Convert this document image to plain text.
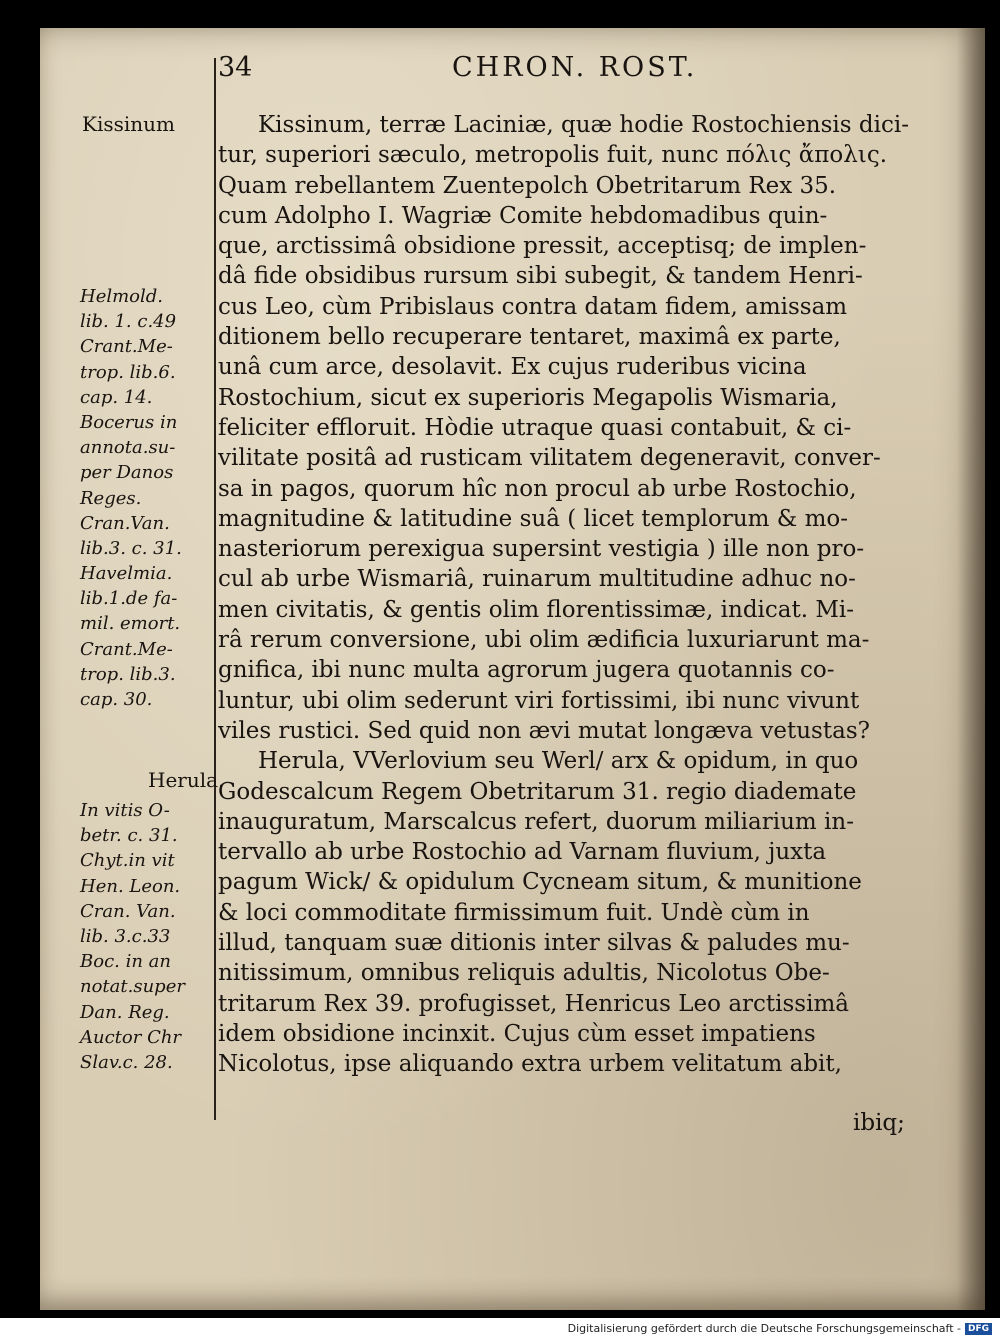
34	CHRON. ROST.
Kissinum
Helmold.
lib. 1. c.49
Crant.Me-
trop. lib.6.
cap. 14.
Bocerus in
annota.su-
per Danos
Reges.
Cran.Van.
lib.3. c. 31.
Havelmia.
lib.1.de fa-
mil. emort.
Crant.Me-
trop. lib.3.
cap. 30.
Herula.
In vitis O-
betr. c. 31.
Chyt.in vit
Hen. Leon.
Cran. Van.
lib. 3.c.33
Boc. in an
notat.super
Dan. Reg.
Auctor Chr
Slav.c. 28.
Kissinum, terræ Laciniæ, quæ hodie Rostochiensis dici-
tur, superiori sæculo, metropolis fuit, nunc πόλις ἄπολις.
Quam rebellantem Zuentepolch Obetritarum Rex 35.
cum Adolpho I. Wagriæ Comite hebdomadibus quin-
que, arctissimâ obsidione pressit, acceptisq; de implen-
dâ fide obsidibus rursum sibi subegit, & tandem Henri-
cus Leo, cùm Pribislaus contra datam fidem, amissam
ditionem bello recuperare tentaret, maximâ ex parte,
unâ cum arce, desolavit. Ex cujus ruderibus vicina
Rostochium, sicut ex superioris Megapolis Wismaria,
feliciter effloruit. Hòdie utraque quasi contabuit, & ci-
vilitate positâ ad rusticam vilitatem degeneravit, conver-
sa in pagos, quorum hîc non procul ab urbe Rostochio,
magnitudine & latitudine suâ ( licet templorum & mo-
nasteriorum perexigua supersint vestigia ) ille non pro-
cul ab urbe Wismariâ, ruinarum multitudine adhuc no-
men civitatis, & gentis olim florentissimæ, indicat. Mi-
râ rerum conversione, ubi olim ædificia luxuriarunt ma-
gnifica, ibi nunc multa agrorum jugera quotannis co-
luntur, ubi olim sederunt viri fortissimi, ibi nunc vivunt
viles rustici. Sed quid non ævi mutat longæva vetustas?
Herula, VVerlovium seu Werl/ arx & opidum, in quo
Godescalcum Regem Obetritarum 31. regio diademate
inauguratum, Marscalcus refert, duorum miliarium in-
tervallo ab urbe Rostochio ad Varnam fluvium, juxta
pagum Wick/ & opidulum Cycneam situm, & munitione
& loci commoditate firmissimum fuit. Undè cùm in
illud, tanquam suæ ditionis inter silvas & paludes mu-
nitissimum, omnibus reliquis adultis, Nicolotus Obe-
tritarum Rex 39. profugisset, Henricus Leo arctissimâ
idem obsidione incinxit. Cujus cùm esset impatiens
Nicolotus, ipse aliquando extra urbem velitatum abit,
ibiq;
Digitalisierung gefördert durch die Deutsche Forschungsgemeinschaft - DFG
